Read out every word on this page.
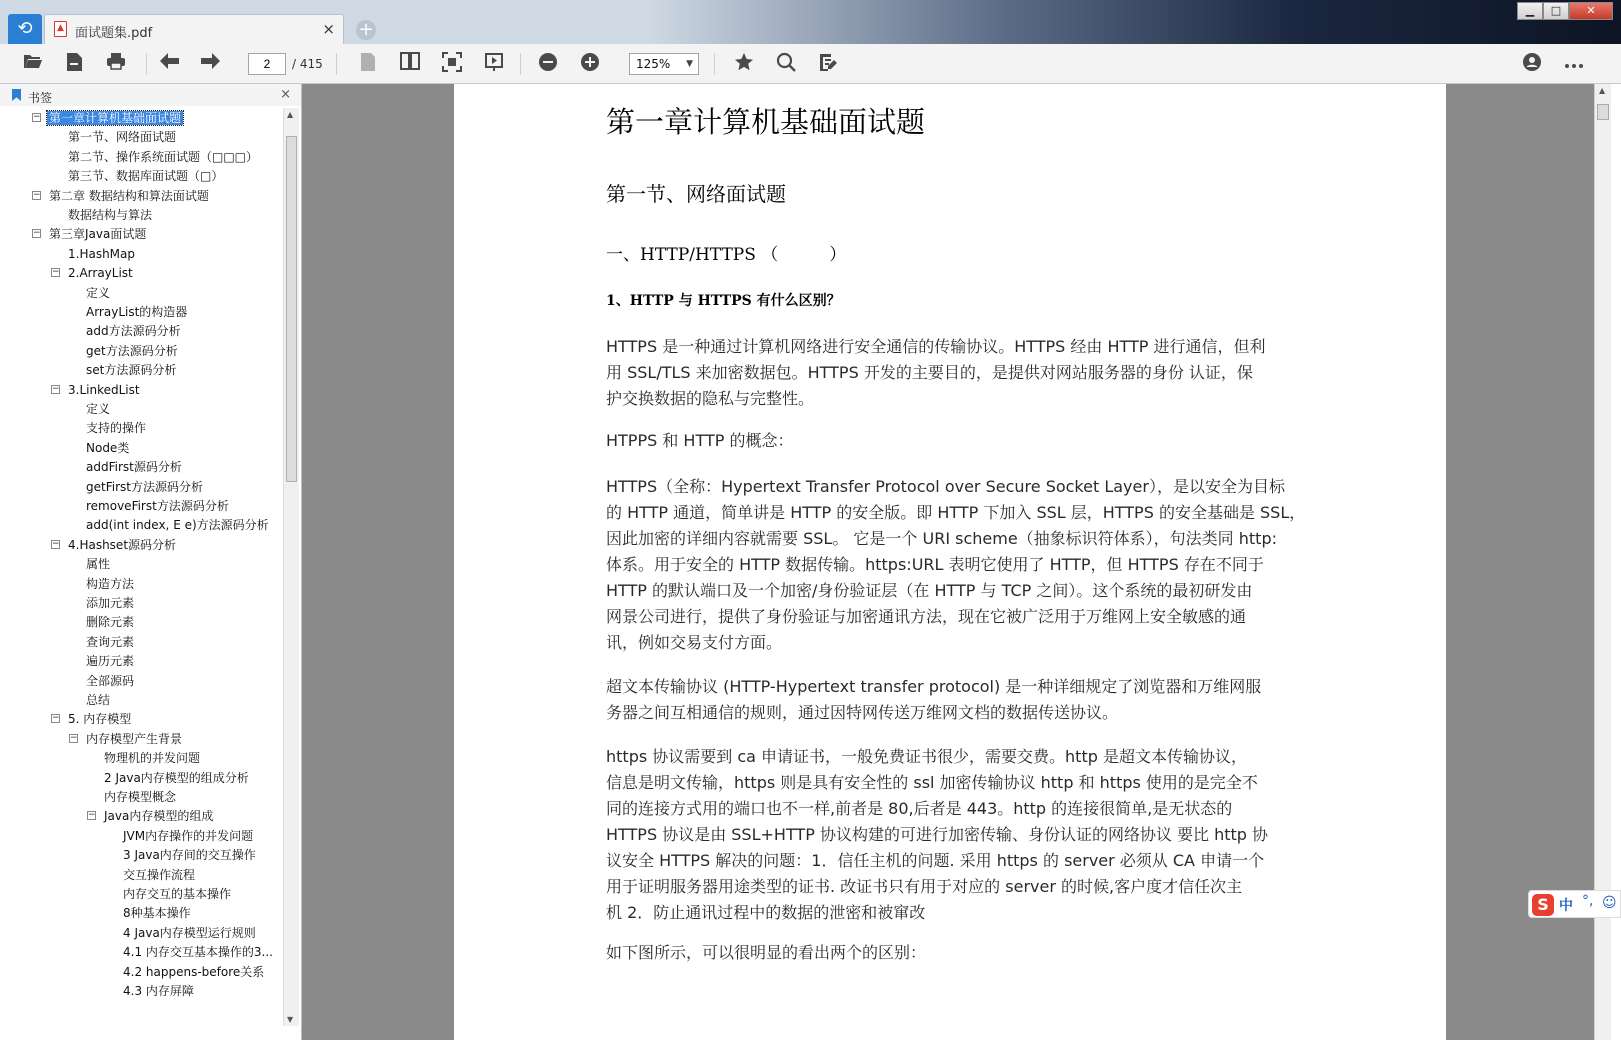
⟲	▲ 面试题集.pdf	× +
▁	□	✕
2
/ 415	125% ▼
书签	×
− 第一章计算机基础面试题
第一节、网络面试题
第二节、操作系统面试题（□□□）
第三节、数据库面试题（□）
− 第二章 数据结构和算法面试题
数据结构与算法
− 第三章Java面试题
1.HashMap
− 2.ArrayList
定义
ArrayList的构造器
add方法源码分析
get方法源码分析
set方法源码分析
− 3.LinkedList
定义
支持的操作
Node类
addFirst源码分析
getFirst方法源码分析
removeFirst方法源码分析
add(int index, E e)方法源码分析
− 4.Hashset源码分析
属性
构造方法
添加元素
删除元素
查询元素
遍历元素
全部源码
总结
− 5. 内存模型
− 内存模型产生背景
物理机的并发问题
2 Java内存模型的组成分析
内存模型概念
− Java内存模型的组成
JVM内存操作的并发问题
3 Java内存间的交互操作
交互操作流程
内存交互的基本操作
8种基本操作
4 Java内存模型运行规则
4.1 内存交互基本操作的3...
4.2 happens-before关系
4.3 内存屏障
▲
▼
第一章计算机基础面试题
第一节、网络面试题
一、HTTP/HTTPS （　　　）
1、HTTP 与 HTTPS 有什么区别？
HTTPS 是一种通过计算机网络进行安全通信的传输协议。HTTPS 经由 HTTP 进行通信，但利
用 SSL/TLS 来加密数据包。HTTPS 开发的主要目的，是提供对网站服务器的身份 认证，保
护交换数据的隐私与完整性。
HTPPS 和 HTTP 的概念：
HTTPS（全称：Hypertext Transfer Protocol over Secure Socket Layer），是以安全为目标
的 HTTP 通道，简单讲是 HTTP 的安全版。即 HTTP 下加入 SSL 层，HTTPS 的安全基础是 SSL，
因此加密的详细内容就需要 SSL。 它是一个 URI scheme（抽象标识符体系），句法类同 http:
体系。用于安全的 HTTP 数据传输。https:URL 表明它使用了 HTTP，但 HTTPS 存在不同于
HTTP 的默认端口及一个加密/身份验证层（在 HTTP 与 TCP 之间）。这个系统的最初研发由
网景公司进行，提供了身份验证与加密通讯方法，现在它被广泛用于万维网上安全敏感的通
讯，例如交易支付方面。
超文本传输协议 (HTTP-Hypertext transfer protocol) 是一种详细规定了浏览器和万维网服
务器之间互相通信的规则，通过因特网传送万维网文档的数据传送协议。
https 协议需要到 ca 申请证书，一般免费证书很少，需要交费。http 是超文本传输协议，
信息是明文传输，https 则是具有安全性的 ssl 加密传输协议 http 和 https 使用的是完全不
同的连接方式用的端口也不一样,前者是 80,后者是 443。http 的连接很简单,是无状态的
HTTPS 协议是由 SSL+HTTP 协议构建的可进行加密传输、身份认证的网络协议 要比 http 协
议安全 HTTPS 解决的问题：1．信任主机的问题. 采用 https 的 server 必须从 CA 申请一个
用于证明服务器用途类型的证书. 改证书只有用于对应的 server 的时候,客户度才信任次主
机 2．防止通讯过程中的数据的泄密和被窜改
如下图所示，可以很明显的看出两个的区别：
▲
S 中 °, ☺
